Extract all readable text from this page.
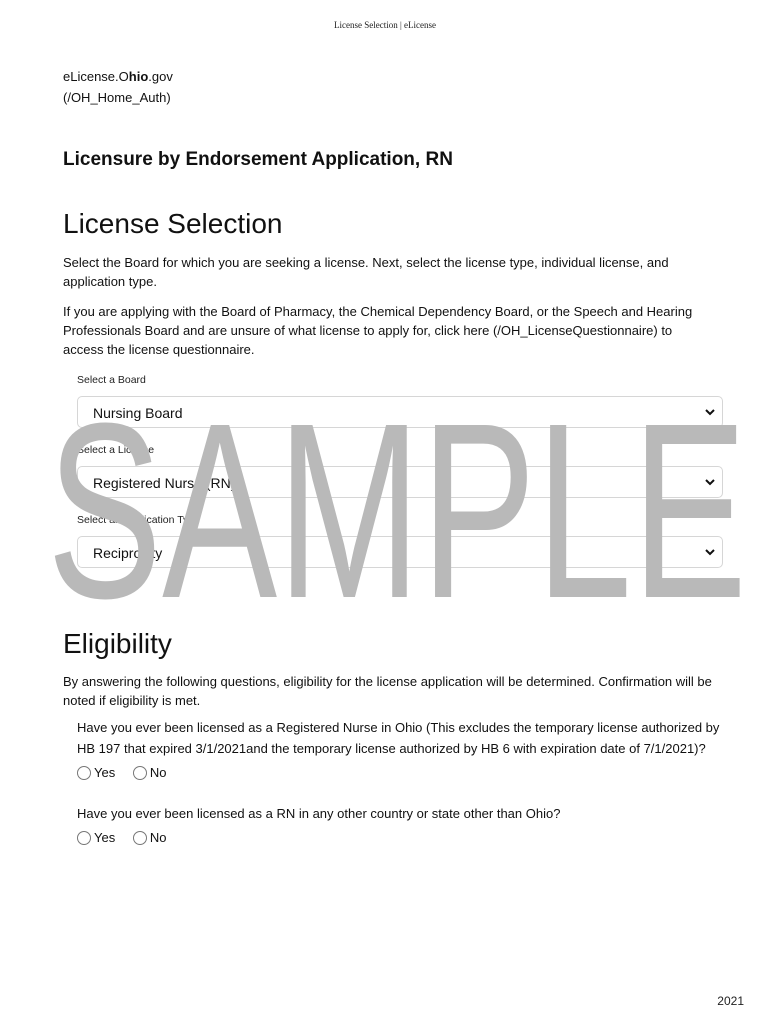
License Selection | eLicense
eLicense.Ohio.gov
(/OH_Home_Auth)
Licensure by Endorsement Application, RN
License Selection

Select the Board for which you are seeking a license. Next, select the license type, individual license, and application type.

If you are applying with the Board of Pharmacy, the Chemical Dependency Board, or the Speech and Hearing Professionals Board and are unsure of what license to apply for, click here (/OH_LicenseQuestionnaire) to access the license questionnaire.

Select a Board
Nursing Board
Select a License
Registered Nurse (RN)
Select an Application Type
Reciprocity
SAMPLE
Eligibility

By answering the following questions, eligibility for the license application will be determined. Confirmation will be noted if eligibility is met.

Have you ever been licensed as a Registered Nurse in Ohio (This excludes the temporary license authorized by HB 197 that expired 3/1/2021and the temporary license authorized by HB 6 with expiration date of 7/1/2021)?

Yes
	No

Have you ever been licensed as a RN in any other country or state other than Ohio?

Yes
	No
2021
